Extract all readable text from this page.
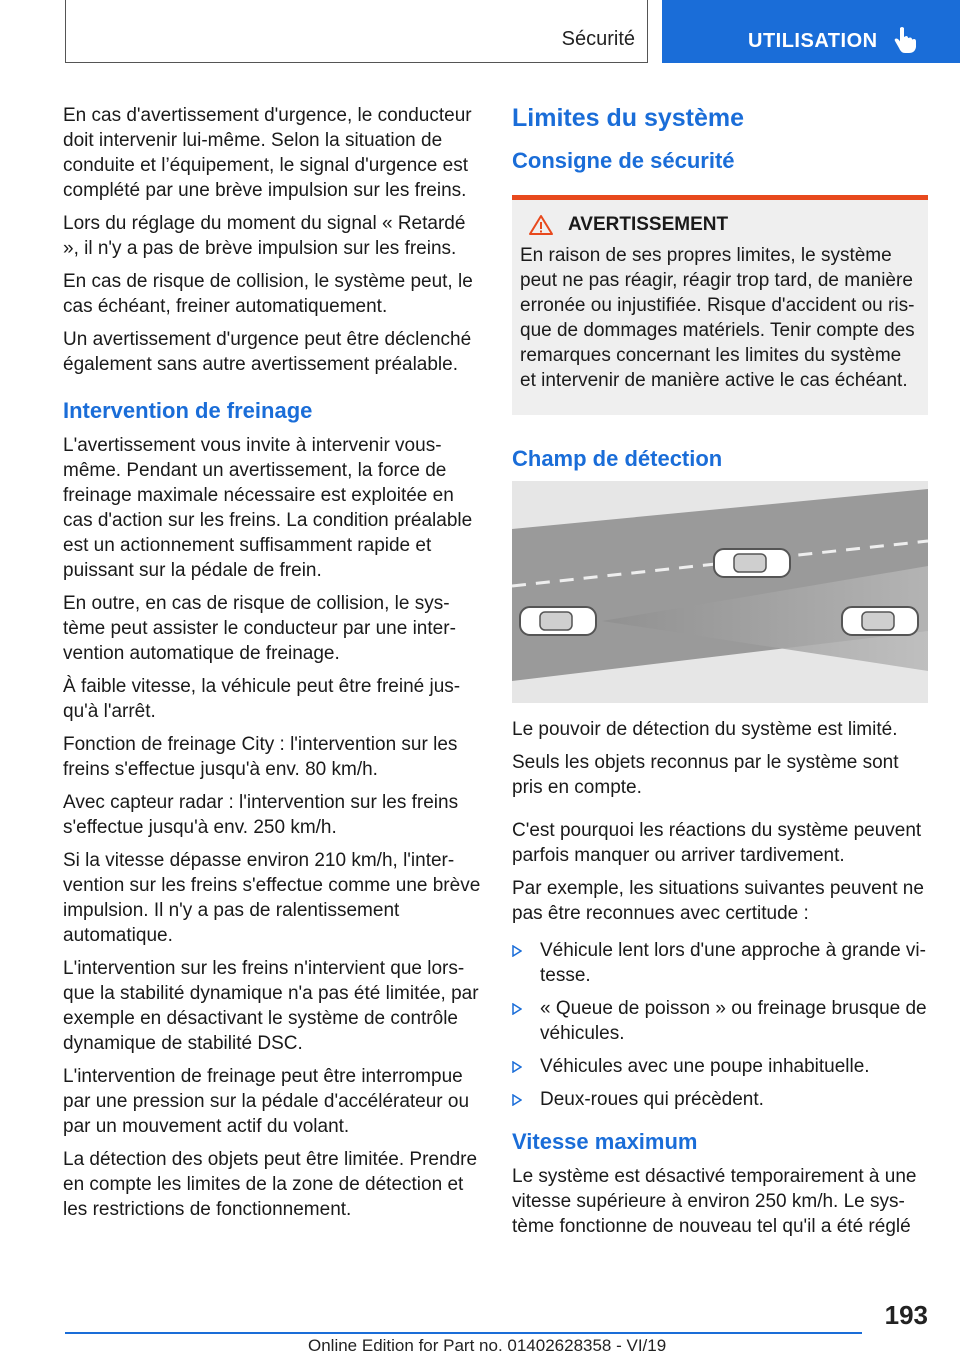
Sécurité	UTILISATION

En cas d'avertissement d'urgence, le conducteur doit intervenir lui-même. Selon la situation de conduite et l’équipement, le signal d'urgence est complété par une brève impulsion sur les freins.

Lors du réglage du moment du signal « Retardé », il n'y a pas de brève impulsion sur les freins.

En cas de risque de collision, le système peut, le cas échéant, freiner automatiquement.

Un avertissement d'urgence peut être déclenché également sans autre avertissement préalable.

Intervention de freinage

L'avertissement vous invite à intervenir vous-même. Pendant un avertissement, la force de freinage maximale nécessaire est exploitée en cas d'action sur les freins. La condition préalable est un actionnement suffisamment rapide et puissant sur la pédale de frein.

En outre, en cas de risque de collision, le système peut assister le conducteur par une intervention automatique de freinage.

À faible vitesse, la véhicule peut être freiné jusqu'à l'arrêt.

Fonction de freinage City : l'intervention sur les freins s'effectue jusqu'à env. 80 km/h.

Avec capteur radar : l'intervention sur les freins s'effectue jusqu'à env. 250 km/h.

Si la vitesse dépasse environ 210 km/h, l'intervention sur les freins s'effectue comme une brève impulsion. Il n'y a pas de ralentissement automatique.

L'intervention sur les freins n'intervient que lorsque la stabilité dynamique n'a pas été limitée, par exemple en désactivant le système de contrôle dynamique de stabilité DSC.

L'intervention de freinage peut être interrompue par une pression sur la pédale d'accélérateur ou par un mouvement actif du volant.

La détection des objets peut être limitée. Prendre en compte les limites de la zone de détection et les restrictions de fonctionnement.

Limites du système
Consigne de sécurité
AVERTISSEMENT

En raison de ses propres limites, le système peut ne pas réagir, réagir trop tard, de manière erronée ou injustifiée. Risque d'accident ou risque de dommages matériels. Tenir compte des remarques concernant les limites du système et intervenir de manière active le cas échéant.

Champ de détection

Le pouvoir de détection du système est limité.

Seuls les objets reconnus par le système sont pris en compte.

C'est pourquoi les réactions du système peuvent parfois manquer ou arriver tardivement.

Par exemple, les situations suivantes peuvent ne pas être reconnues avec certitude :

Véhicule lent lors d'une approche à grande vitesse.
« Queue de poisson » ou freinage brusque de véhicules.
Véhicules avec une poupe inhabituelle.
Deux-roues qui précèdent.
Vitesse maximum

Le système est désactivé temporairement à une vitesse supérieure à environ 250 km/h. Le système fonctionne de nouveau tel qu'il a été réglé

193
Online Edition for Part no. 01402628358 - VI/19
